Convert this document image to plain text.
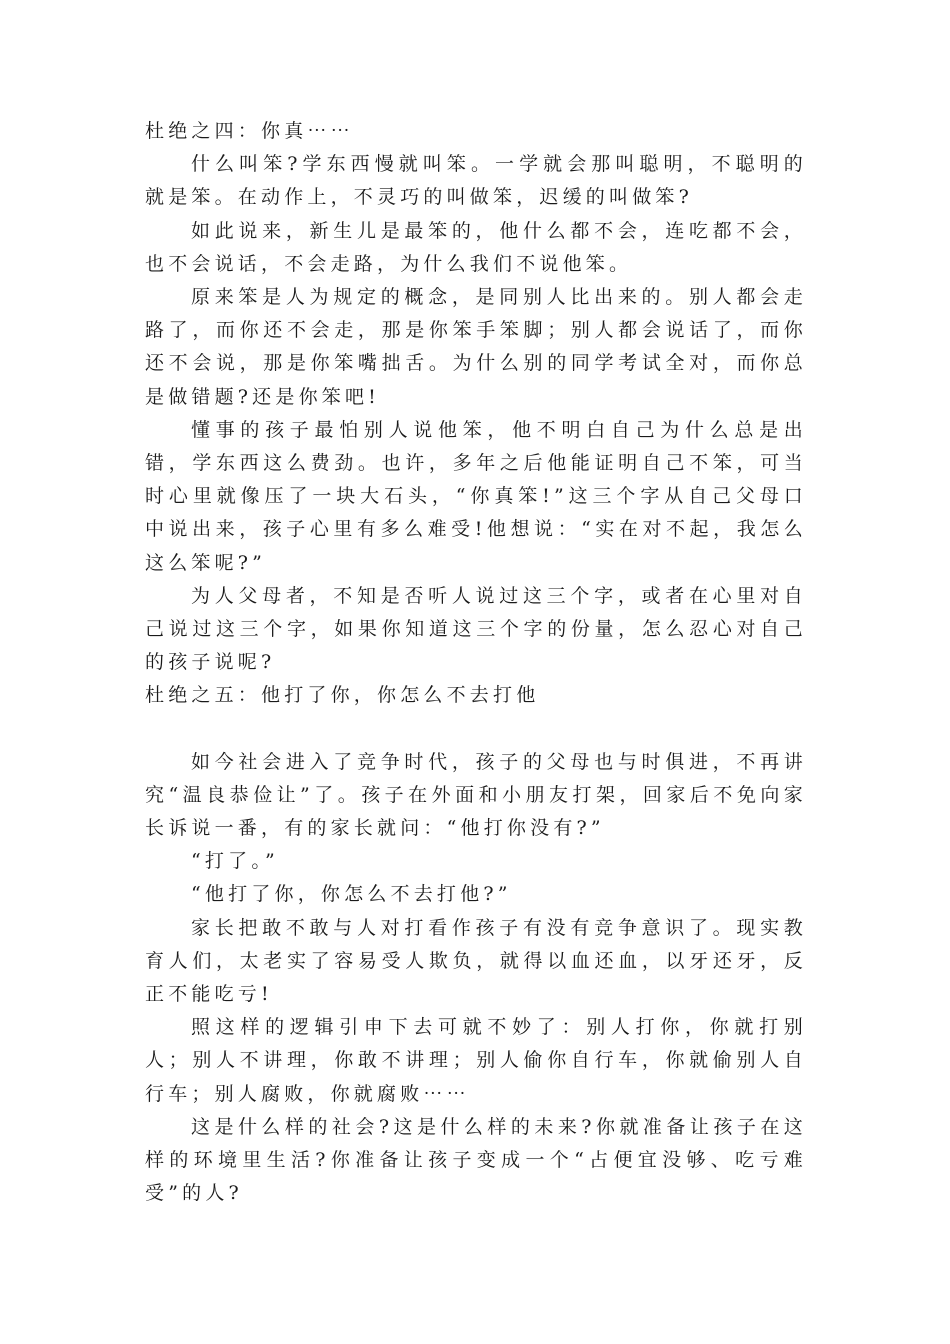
杜绝之四：你真⋯⋯

什么叫笨?学东西慢就叫笨。一学就会那叫聪明，不聪明的就是笨。在动作上，不灵巧的叫做笨，迟缓的叫做笨?

如此说来，新生儿是最笨的，他什么都不会，连吃都不会，也不会说话，不会走路，为什么我们不说他笨。

原来笨是人为规定的概念，是同别人比出来的。别人都会走路了，而你还不会走，那是你笨手笨脚；别人都会说话了，而你还不会说，那是你笨嘴拙舌。为什么别的同学考试全对，而你总是做错题?还是你笨吧!

懂事的孩子最怕别人说他笨，他不明白自己为什么总是出错，学东西这么费劲。也许，多年之后他能证明自己不笨，可当时心里就像压了一块大石头，“你真笨!”这三个字从自己父母口中说出来，孩子心里有多么难受!他想说：“实在对不起，我怎么这么笨呢?”

为人父母者，不知是否听人说过这三个字，或者在心里对自己说过这三个字，如果你知道这三个字的份量，怎么忍心对自己的孩子说呢?

杜绝之五：他打了你，你怎么不去打他

如今社会进入了竞争时代，孩子的父母也与时俱进，不再讲究“温良恭俭让”了。孩子在外面和小朋友打架，回家后不免向家长诉说一番，有的家长就问：“他打你没有?”

“打了。”

“他打了你，你怎么不去打他?”

家长把敢不敢与人对打看作孩子有没有竞争意识了。现实教育人们，太老实了容易受人欺负，就得以血还血，以牙还牙，反正不能吃亏!

照这样的逻辑引申下去可就不妙了：别人打你，你就打别人；别人不讲理，你敢不讲理；别人偷你自行车，你就偷别人自行车；别人腐败，你就腐败⋯⋯

这是什么样的社会?这是什么样的未来?你就准备让孩子在这样的环境里生活?你准备让孩子变成一个“占便宜没够、吃亏难受”的人?
